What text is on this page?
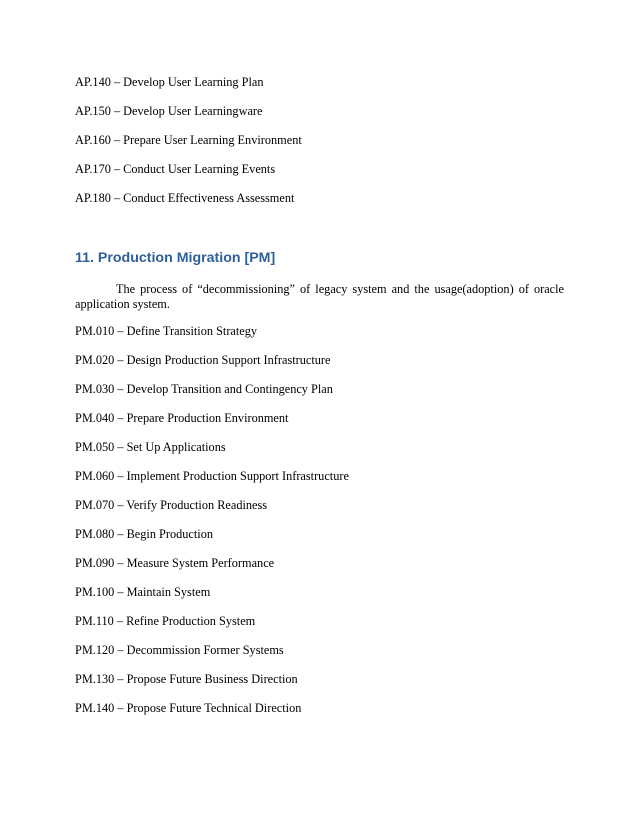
AP.140 – Develop User Learning Plan
AP.150 – Develop User Learningware
AP.160 – Prepare User Learning Environment
AP.170 – Conduct User Learning Events
AP.180 – Conduct Effectiveness Assessment
11. Production Migration [PM]
The process of “decommissioning” of legacy system and the usage(adoption) of oracle application system.
PM.010 – Define Transition Strategy
PM.020 – Design Production Support Infrastructure
PM.030 – Develop Transition and Contingency Plan
PM.040 – Prepare Production Environment
PM.050 – Set Up Applications
PM.060 – Implement Production Support Infrastructure
PM.070 – Verify Production Readiness
PM.080 – Begin Production
PM.090 – Measure System Performance
PM.100 – Maintain System
PM.110 – Refine Production System
PM.120 – Decommission Former Systems
PM.130 – Propose Future Business Direction
PM.140 – Propose Future Technical Direction
